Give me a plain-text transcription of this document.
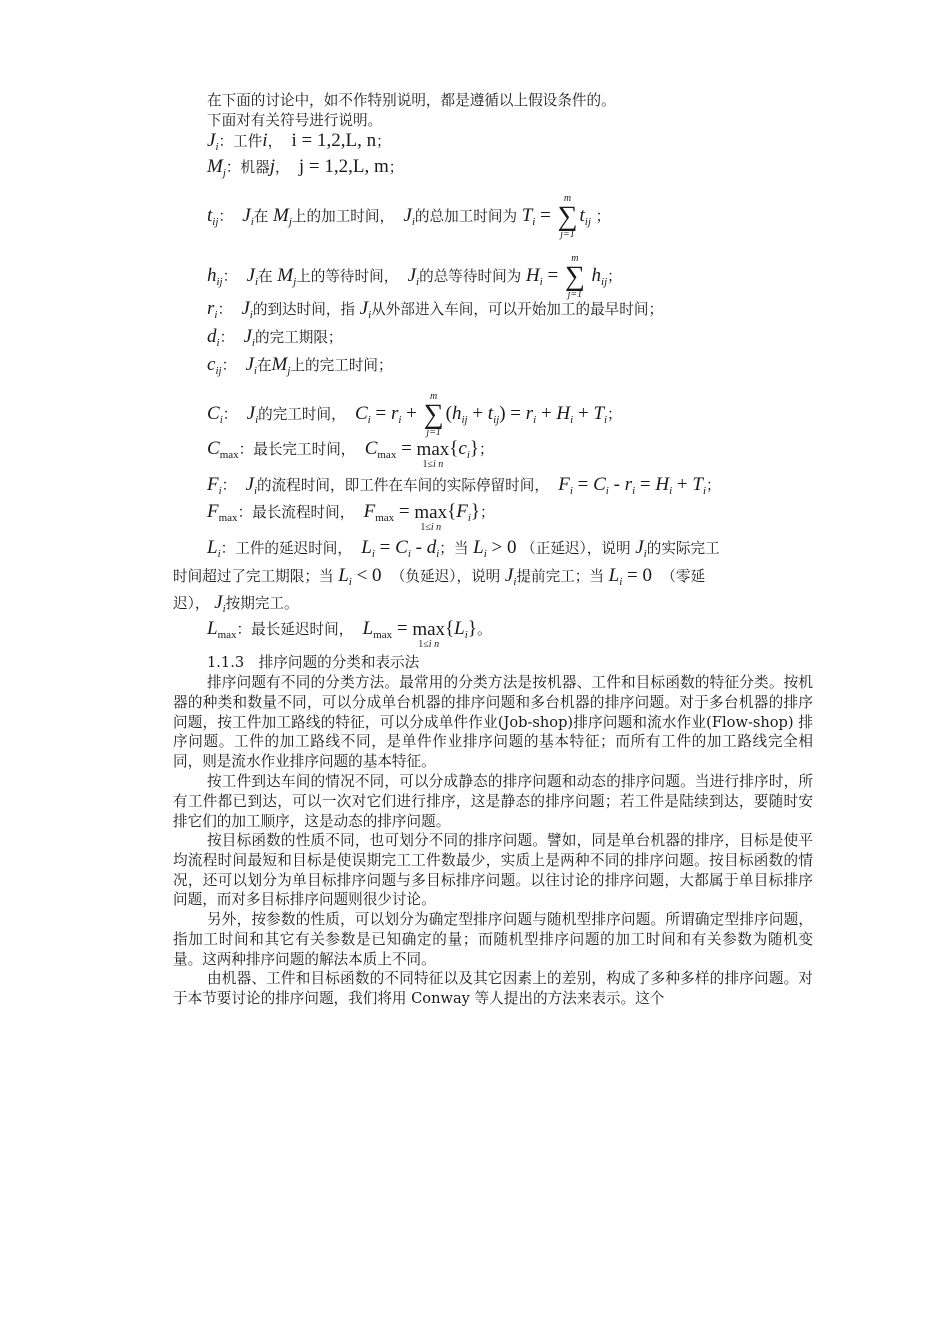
在下面的讨论中，如不作特别说明，都是遵循以上假设条件的。
下面对有关符号进行说明。
$J_i$：工件i， i = 1,2,L, n；
$M_j$：机器j， j = 1,2,L, m；
$t_{ij}$：  $J_i$在 $M_j$上的加工时间， $J_i$的总加工时间为 $T_i$ =
m
∑
j=1
$t_{ij}$ ；
$h_{ij}$：  $J_i$在 $M_j$上的等待时间， $J_i$的总等待时间为 $H_i$ =
m
∑
j=1
$h_{ij}$；
$r_i$：  $J_i$的到达时间，指 $J_i$从外部进入车间，可以开始加工的最早时间；
$d_i$：  $J_i$的完工期限；
$c_{ij}$：  $J_i$在$M_j$上的完工时间；
$C_i$：  $J_i$的完工时间， $C_i = r_i$ +
m
∑
j=1
$(h_{ij} + t_{ij}) = r_i + H_i + T_i$；
$C_{max}$：最长完工时间， $C_{max} = \max$
1≤i n
$\{c_i\}$；
$F_i$：  $J_i$的流程时间，即工件在车间的实际停留时间， $F_i = C_i - r_i = H_i + T_i$；
$F_{max}$：最长流程时间， $F_{max} = \max$
1≤i n
$\{F_i\}$；
$L_i$：工件的延迟时间， $L_i = C_i - d_i$；当 $L_i > 0$ （正延迟），说明 $J_i$的实际完工
时间超过了完工期限；当 $L_i < 0$ （负延迟），说明 $J_i$提前完工；当 $L_i = 0$ （零延
迟）， $J_i$按期完工。
$L_{max}$：最长延迟时间， $L_{max} = \max$
1≤i n
$\{L_i\}$。
1.1.3　排序问题的分类和表示法
排序问题有不同的分类方法。最常用的分类方法是按机器、工件和目标函数的特征分类。按机器的种类和数量不同，可以分成单台机器的排序问题和多台机器的排序问题。对于多台机器的排序问题，按工件加工路线的特征，可以分成单件作业(Job-shop)排序问题和流水作业(Flow-shop) 排序问题。工件的加工路线不同，是单件作业排序问题的基本特征；而所有工件的加工路线完全相同，则是流水作业排序问题的基本特征。
按工件到达车间的情况不同，可以分成静态的排序问题和动态的排序问题。当进行排序时，所有工件都已到达，可以一次对它们进行排序，这是静态的排序问题；若工件是陆续到达，要随时安排它们的加工顺序，这是动态的排序问题。
按目标函数的性质不同，也可划分不同的排序问题。譬如，同是单台机器的排序，目标是使平均流程时间最短和目标是使误期完工工件数最少，实质上是两种不同的排序问题。按目标函数的情况，还可以划分为单目标排序问题与多目标排序问题。以往讨论的排序问题，大都属于单目标排序问题，而对多目标排序问题则很少讨论。
另外，按参数的性质，可以划分为确定型排序问题与随机型排序问题。所谓确定型排序问题，指加工时间和其它有关参数是已知确定的量；而随机型排序问题的加工时间和有关参数为随机变量。这两种排序问题的解法本质上不同。
由机器、工件和目标函数的不同特征以及其它因素上的差别，构成了多种多样的排序问题。对于本节要讨论的排序问题，我们将用 Conway 等人提出的方法来表示。这个
